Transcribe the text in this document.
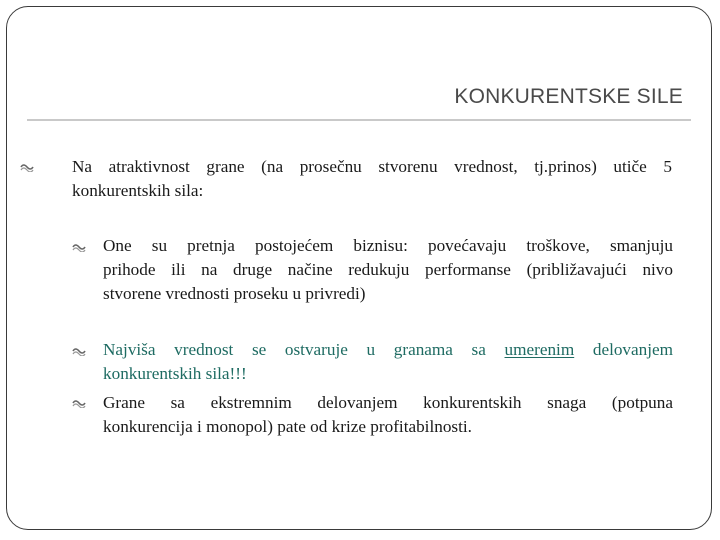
KONKURENTSKE SILE
Na atraktivnost grane (na prosečnu stvorenu vrednost, tj.prinos) utiče 5
konkurentskih sila:
One su pretnja postojećem biznisu: povećavaju troškove, smanjuju
prihode ili na druge načine redukuju performanse (približavajući nivo
stvorene vrednosti proseku u privredi)
Najviša vrednost se ostvaruje u granama sa umerenim delovanjem
konkurentskih sila!!!
Grane sa ekstremnim delovanjem konkurentskih snaga (potpuna
konkurencija i monopol) pate od krize profitabilnosti.
